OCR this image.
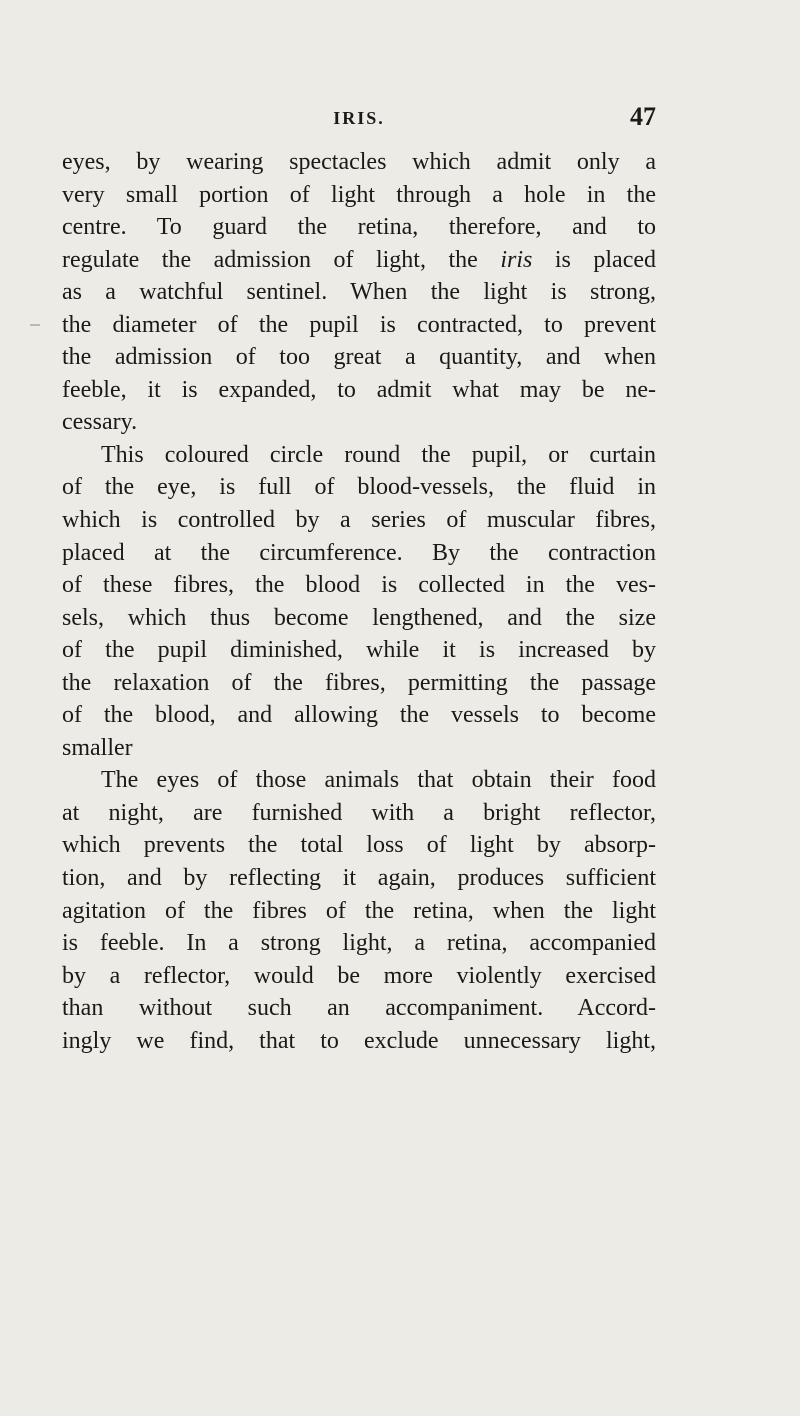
IRIS.	47
eyes, by wearing spectacles which admit only a
very small portion of light through a hole in the
centre. To guard the retina, therefore, and to
regulate the admission of light, the iris is placed
as a watchful sentinel. When the light is strong,
the diameter of the pupil is contracted, to prevent
the admission of too great a quantity, and when
feeble, it is expanded, to admit what may be ne-
cessary.
This coloured circle round the pupil, or curtain
of the eye, is full of blood-vessels, the fluid in
which is controlled by a series of muscular fibres,
placed at the circumference. By the contraction
of these fibres, the blood is collected in the ves-
sels, which thus become lengthened, and the size
of the pupil diminished, while it is increased by
the relaxation of the fibres, permitting the passage
of the blood, and allowing the vessels to become
smaller
The eyes of those animals that obtain their food
at night, are furnished with a bright reflector,
which prevents the total loss of light by absorp-
tion, and by reflecting it again, produces sufficient
agitation of the fibres of the retina, when the light
is feeble. In a strong light, a retina, accompanied
by a reflector, would be more violently exercised
than without such an accompaniment. Accord-
ingly we find, that to exclude unnecessary light,
